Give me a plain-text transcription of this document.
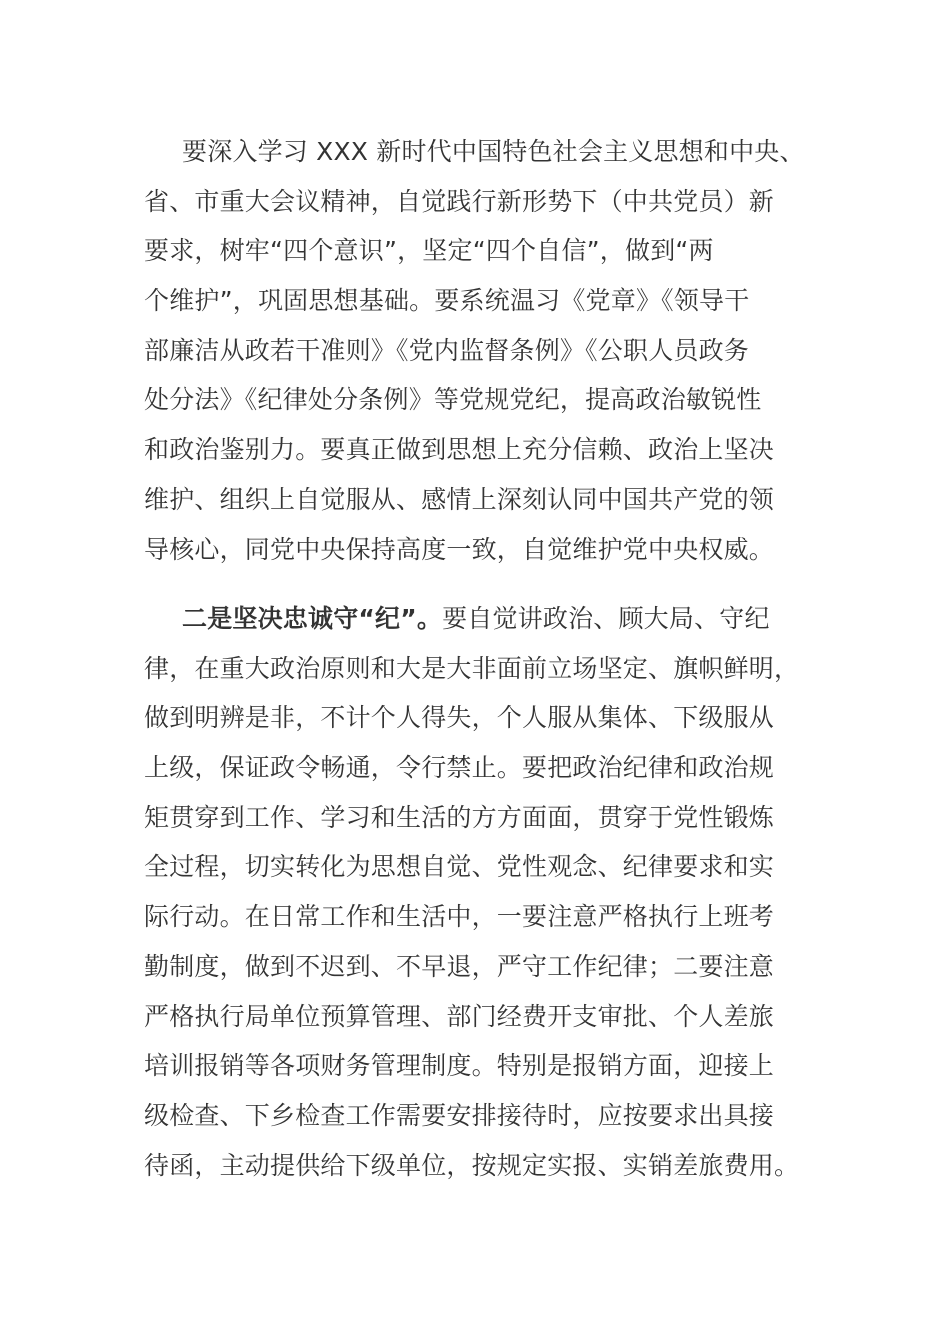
要深入学习 XXX 新时代中国特色社会主义思想和中央、
省、市重大会议精神，自觉践行新形势下（中共党员）新
要求，树牢“四个意识”，坚定“四个自信”，做到“两
个维护”，巩固思想基础。要系统温习《党章》《领导干
部廉洁从政若干准则》《党内监督条例》《公职人员政务
处分法》《纪律处分条例》等党规党纪，提高政治敏锐性
和政治鉴别力。要真正做到思想上充分信赖、政治上坚决
维护、组织上自觉服从、感情上深刻认同中国共产党的领
导核心，同党中央保持高度一致，自觉维护党中央权威。
二是坚决忠诚守“纪”。要自觉讲政治、顾大局、守纪
律，在重大政治原则和大是大非面前立场坚定、旗帜鲜明，
做到明辨是非，不计个人得失，个人服从集体、下级服从
上级，保证政令畅通，令行禁止。要把政治纪律和政治规
矩贯穿到工作、学习和生活的方方面面，贯穿于党性锻炼
全过程，切实转化为思想自觉、党性观念、纪律要求和实
际行动。在日常工作和生活中，一要注意严格执行上班考
勤制度，做到不迟到、不早退，严守工作纪律；二要注意
严格执行局单位预算管理、部门经费开支审批、个人差旅
培训报销等各项财务管理制度。特别是报销方面，迎接上
级检查、下乡检查工作需要安排接待时，应按要求出具接
待函，主动提供给下级单位，按规定实报、实销差旅费用。
